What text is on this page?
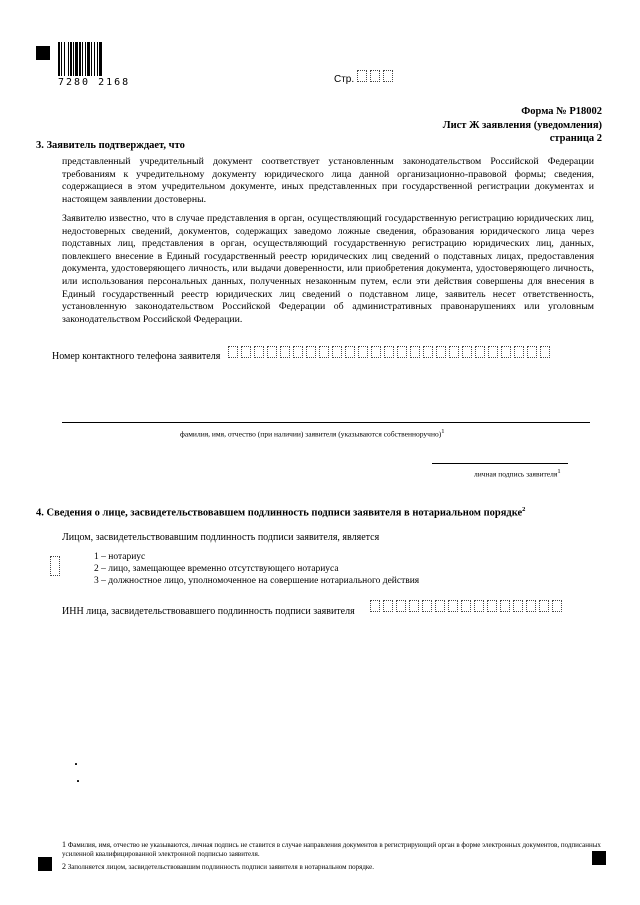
7280 2168	Стр.
Форма № Р18002
Лист Ж заявления (уведомления)
страница 2
3. Заявитель подтверждает, что
представленный учредительный документ соответствует установленным законодательством Российской Федерации требованиям к учредительному документу юридического лица данной организационно-правовой формы; сведения, содержащиеся в этом учредительном документе, иных представленных при государственной регистрации документах и настоящем заявлении достоверны.
Заявителю известно, что в случае представления в орган, осуществляющий государственную регистрацию юридических лиц, недостоверных сведений, документов, содержащих заведомо ложные сведения, образования юридического лица через подставных лиц, представления в орган, осуществляющий государственную регистрацию юридических лиц, данных, повлекшего внесение в Единый государственный реестр юридических лиц сведений о подставных лицах, предоставления документа, удостоверяющего личность, или выдачи доверенности, или приобретения документа, удостоверяющего личность, или использования персональных данных, полученных незаконным путем, если эти действия совершены для внесения в Единый государственный реестр юридических лиц сведений о подставном лице, заявитель несет ответственность, установленную законодательством Российской Федерации об административных правонарушениях или уголовным законодательством Российской Федерации.
Номер контактного телефона заявителя
фамилия, имя, отчество (при наличии) заявителя (указываются собственноручно)$^1$
личная подпись заявителя$^1$
4. Сведения о лице, засвидетельствовавшем подлинность подписи заявителя в нотариальном порядке$^2$
Лицом, засвидетельствовавшим подлинность подписи заявителя, является
1 – нотариус
2 – лицо, замещающее временно отсутствующего нотариуса
3 – должностное лицо, уполномоченное на совершение нотариального действия
ИНН лица, засвидетельствовавшего подлинность подписи заявителя
1 Фамилия, имя, отчество не указываются, личная подпись не ставится в случае направления документов в регистрирующий орган в форме электронных документов, подписанных усиленной квалифицированной электронной подписью заявителя.
2 Заполняется лицом, засвидетельствовавшим подлинность подписи заявителя в нотариальном порядке.
